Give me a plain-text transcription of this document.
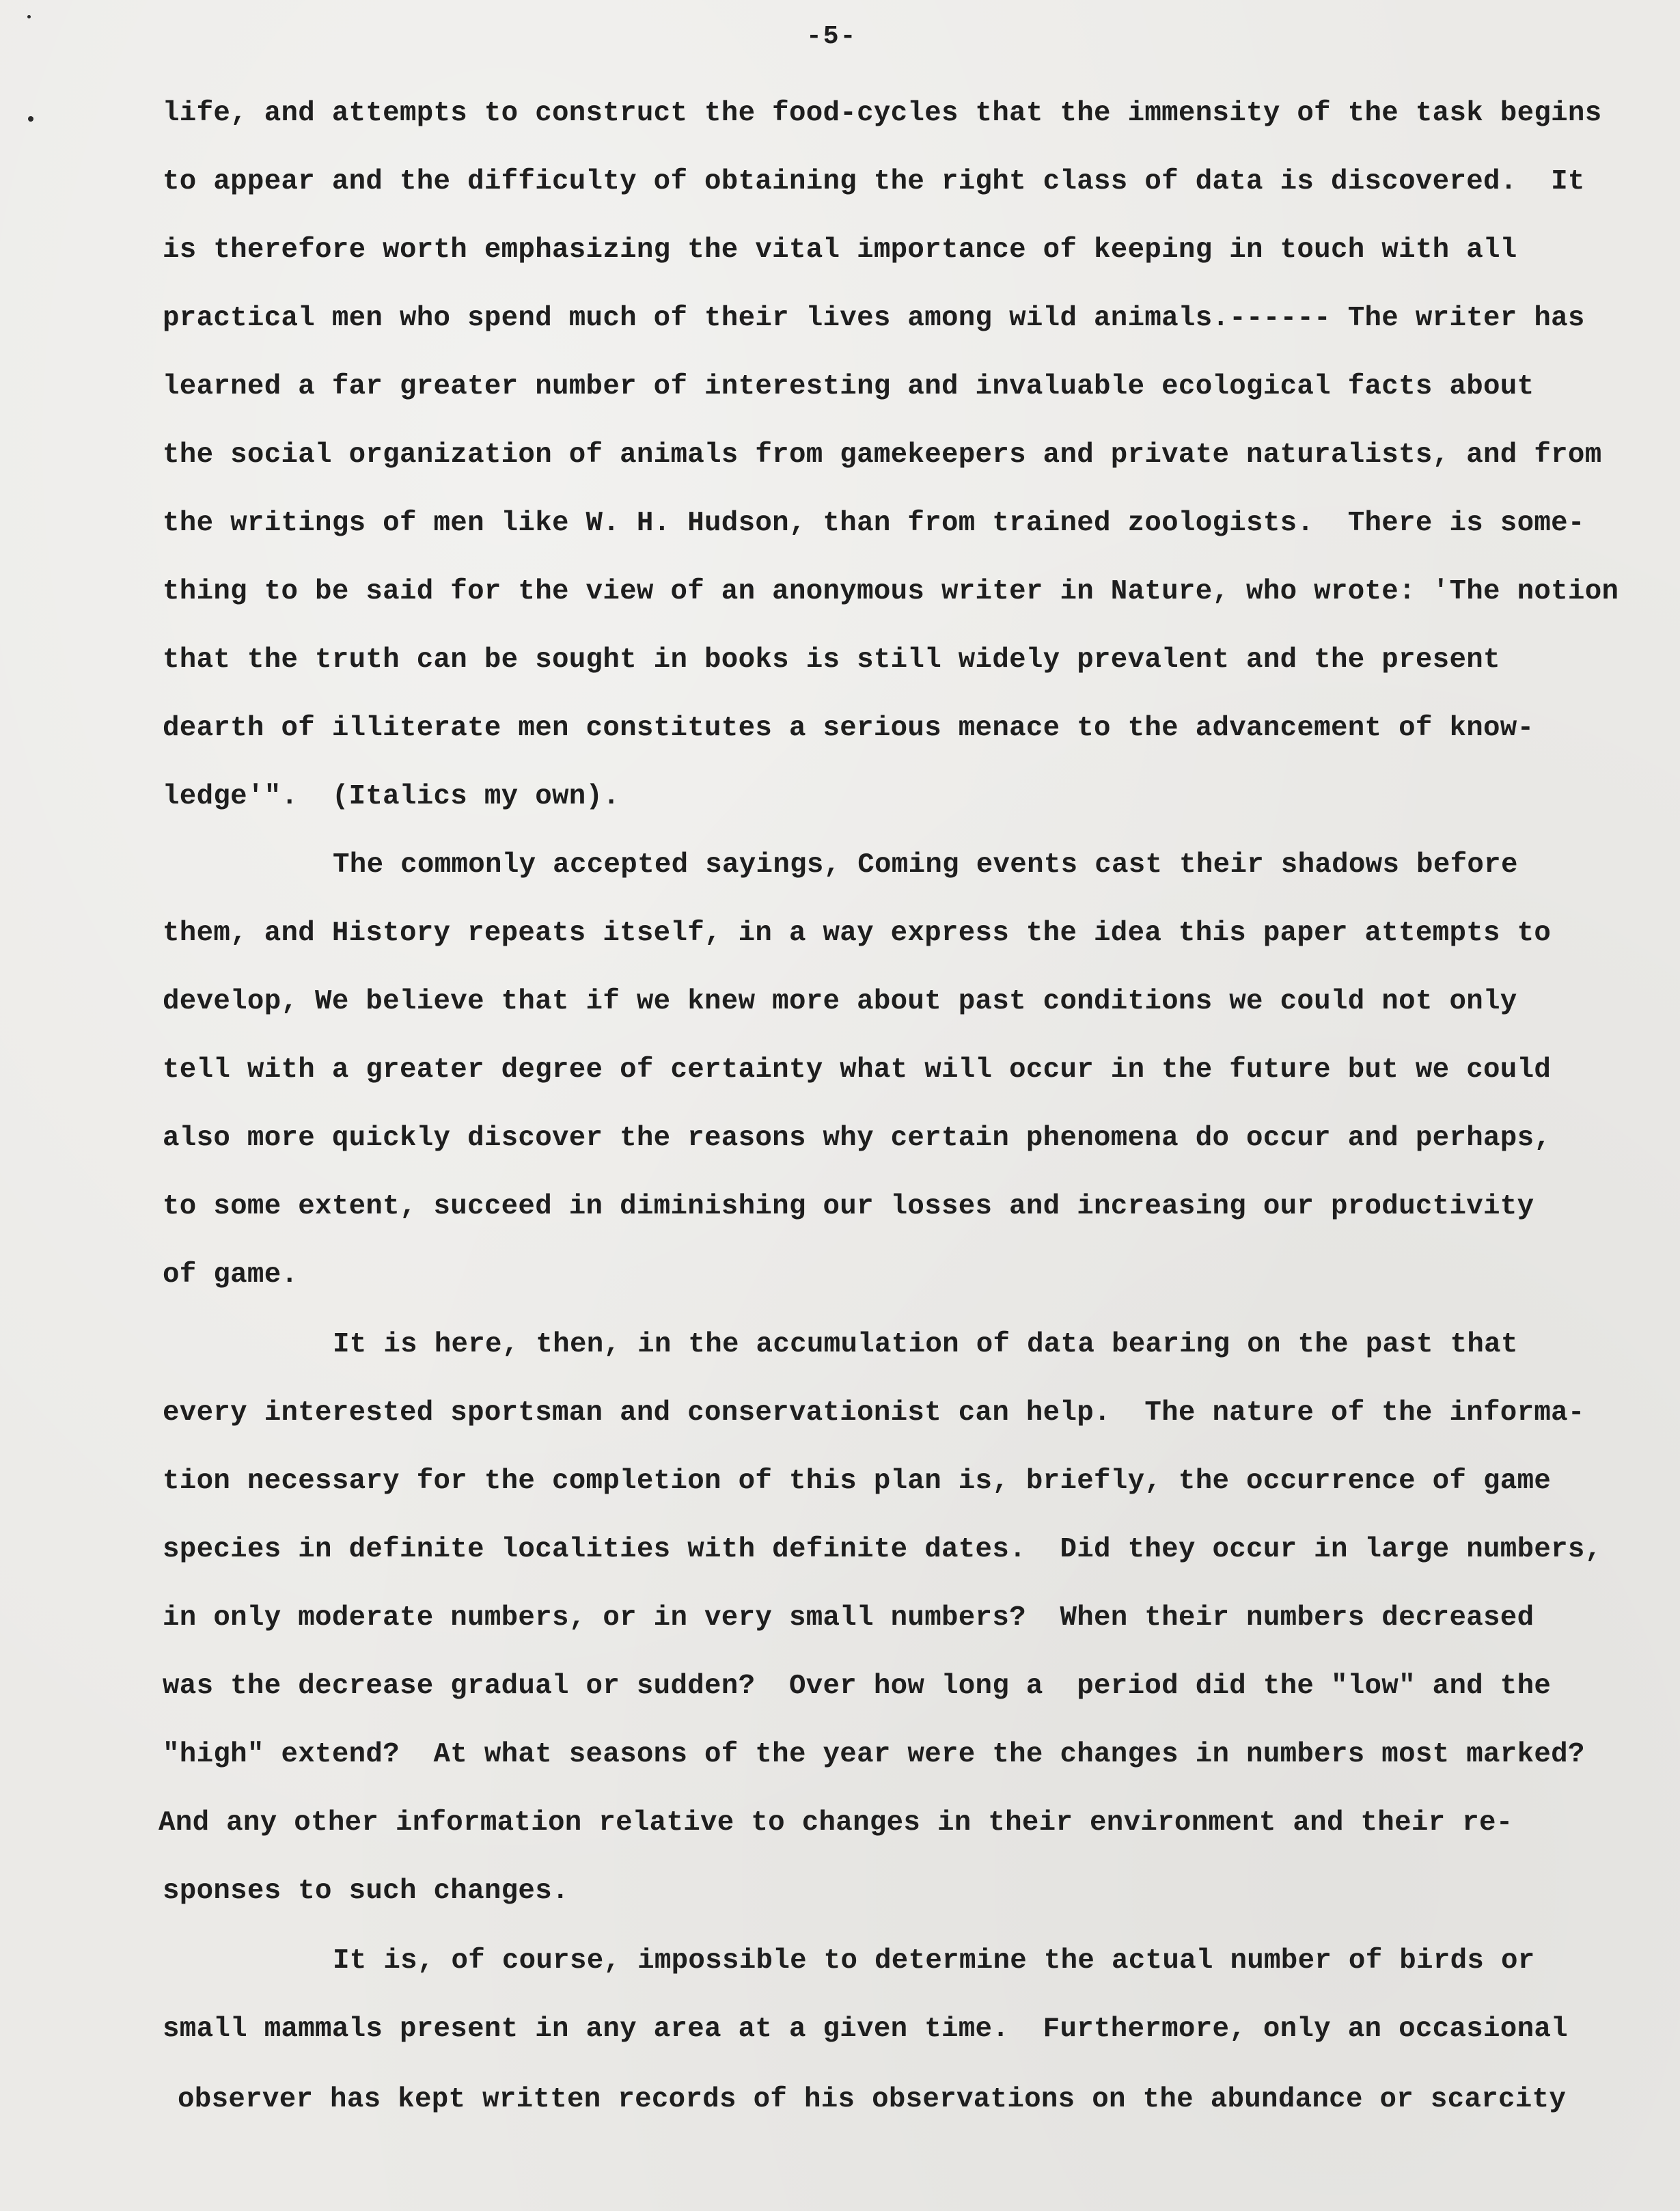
-5-

life, and attempts to construct the food-cycles that the immensity of the task begins

to appear and the difficulty of obtaining the right class of data is discovered.  It

is therefore worth emphasizing the vital importance of keeping in touch with all

practical men who spend much of their lives among wild animals.------ The writer has

learned a far greater number of interesting and invaluable ecological facts about

the social organization of animals from gamekeepers and private naturalists, and from

the writings of men like W. H. Hudson, than from trained zoologists.  There is some-

thing to be said for the view of an anonymous writer in Nature, who wrote: 'The notion

that the truth can be sought in books is still widely prevalent and the present

dearth of illiterate men constitutes a serious menace to the advancement of know-

ledge'".  (Italics my own).

The commonly accepted sayings, Coming events cast their shadows before

them, and History repeats itself, in a way express the idea this paper attempts to

develop, We believe that if we knew more about past conditions we could not only

tell with a greater degree of certainty what will occur in the future but we could

also more quickly discover the reasons why certain phenomena do occur and perhaps,

to some extent, succeed in diminishing our losses and increasing our productivity

of game.

It is here, then, in the accumulation of data bearing on the past that

every interested sportsman and conservationist can help.  The nature of the informa-

tion necessary for the completion of this plan is, briefly, the occurrence of game

species in definite localities with definite dates.  Did they occur in large numbers,

in only moderate numbers, or in very small numbers?  When their numbers decreased

was the decrease gradual or sudden?  Over how long a  period did the "low" and the

"high" extend?  At what seasons of the year were the changes in numbers most marked?

And any other information relative to changes in their environment and their re-

sponses to such changes.

It is, of course, impossible to determine the actual number of birds or

small mammals present in any area at a given time.  Furthermore, only an occasional

observer has kept written records of his observations on the abundance or scarcity
